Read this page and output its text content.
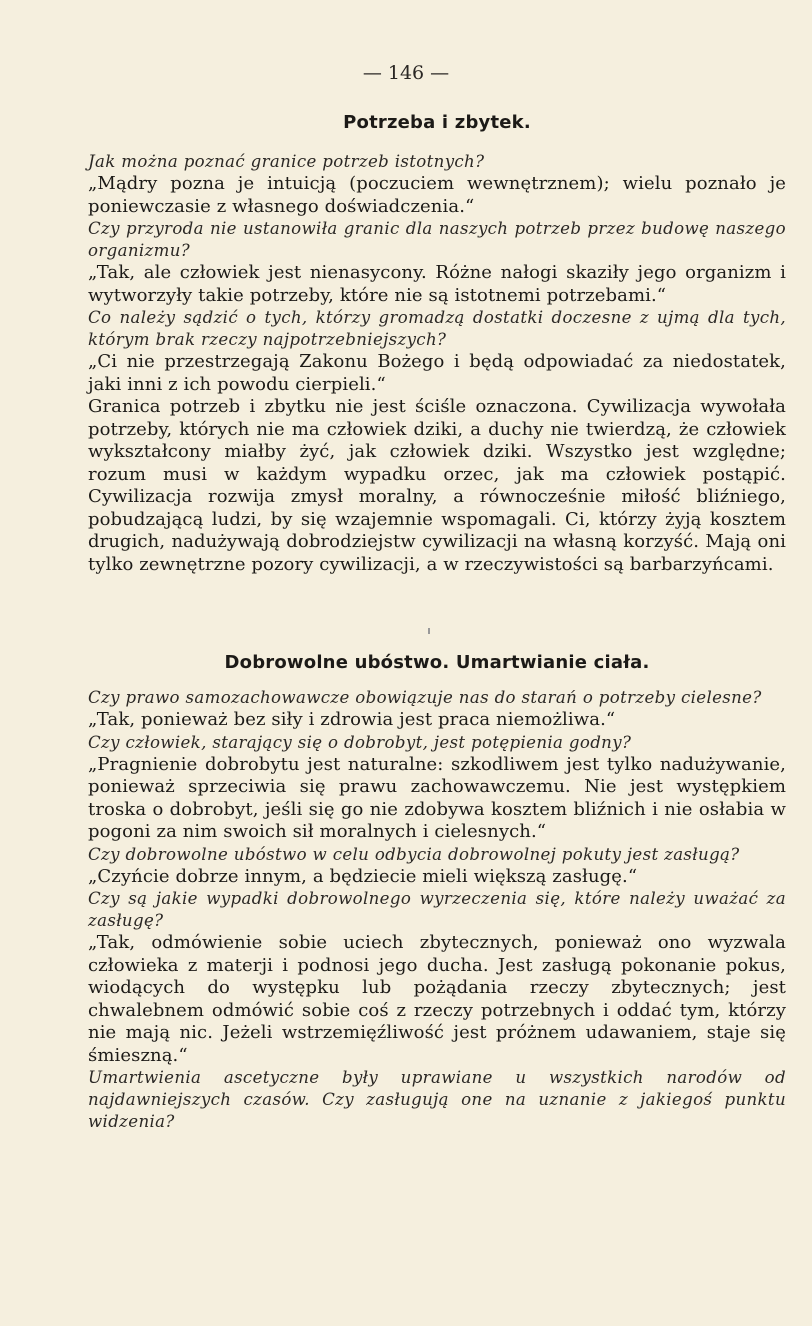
— 146 —
Potrzeba i zbytek.

Jak można poznać granice potrzeb istotnych?

„Mądry pozna je intuicją (poczuciem wewnętrznem); wielu poznało je poniewczasie z własnego doświadczenia.“

Czy przyroda nie ustanowiła granic dla naszych potrzeb przez budowę naszego organizmu?

„Tak, ale człowiek jest nienasycony. Różne nałogi skaziły jego organizm i wytworzyły takie potrzeby, które nie są istotnemi potrzebami.“

Co należy sądzić o tych, którzy gromadzą dostatki doczesne z ujmą dla tych, którym brak rzeczy najpotrzebniejszych?

„Ci nie przestrzegają Zakonu Bożego i będą odpowiadać za niedostatek, jaki inni z ich powodu cierpieli.“

Granica potrzeb i zbytku nie jest ściśle oznaczona. Cywilizacja wywołała potrzeby, których nie ma człowiek dziki, a duchy nie twierdzą, że człowiek wykształcony miałby żyć, jak człowiek dziki. Wszystko jest względne; rozum musi w każdym wypadku orzec, jak ma człowiek postąpić. Cywilizacja rozwija zmysł moralny, a równocześnie miłość bliźniego, pobudzającą ludzi, by się wzajemnie wspomagali. Ci, którzy żyją kosztem drugich, nadużywają dobrodziejstw cywilizacji na własną korzyść. Mają oni tylko zewnętrzne pozory cywilizacji, a w rzeczywistości są barbarzyńcami.

Dobrowolne ubóstwo. Umartwianie ciała.

Czy prawo samozachowawcze obowiązuje nas do starań o potrzeby cielesne?

„Tak, ponieważ bez siły i zdrowia jest praca niemożliwa.“

Czy człowiek, starający się o dobrobyt, jest potępienia godny?

„Pragnienie dobrobytu jest naturalne: szkodliwem jest tylko nadużywanie, ponieważ sprzeciwia się prawu zachowawczemu. Nie jest występkiem troska o dobrobyt, jeśli się go nie zdobywa kosztem bliźnich i nie osłabia w pogoni za nim swoich sił moralnych i cielesnych.“

Czy dobrowolne ubóstwo w celu odbycia dobrowolnej pokuty jest zasługą?

„Czyńcie dobrze innym, a będziecie mieli większą zasługę.“

Czy są jakie wypadki dobrowolnego wyrzeczenia się, które należy uważać za zasługę?

„Tak, odmówienie sobie uciech zbytecznych, ponieważ ono wyzwala człowieka z materji i podnosi jego ducha. Jest zasługą pokonanie pokus, wiodących do występku lub pożądania rzeczy zbytecznych; jest chwalebnem odmówić sobie coś z rzeczy potrzebnych i oddać tym, którzy nie mają nic. Jeżeli wstrzemięźliwość jest próżnem udawaniem, staje się śmieszną.“

Umartwienia ascetyczne były uprawiane u wszystkich narodów od najdawniejszych czasów. Czy zasługują one na uznanie z jakiegoś punktu widzenia?
